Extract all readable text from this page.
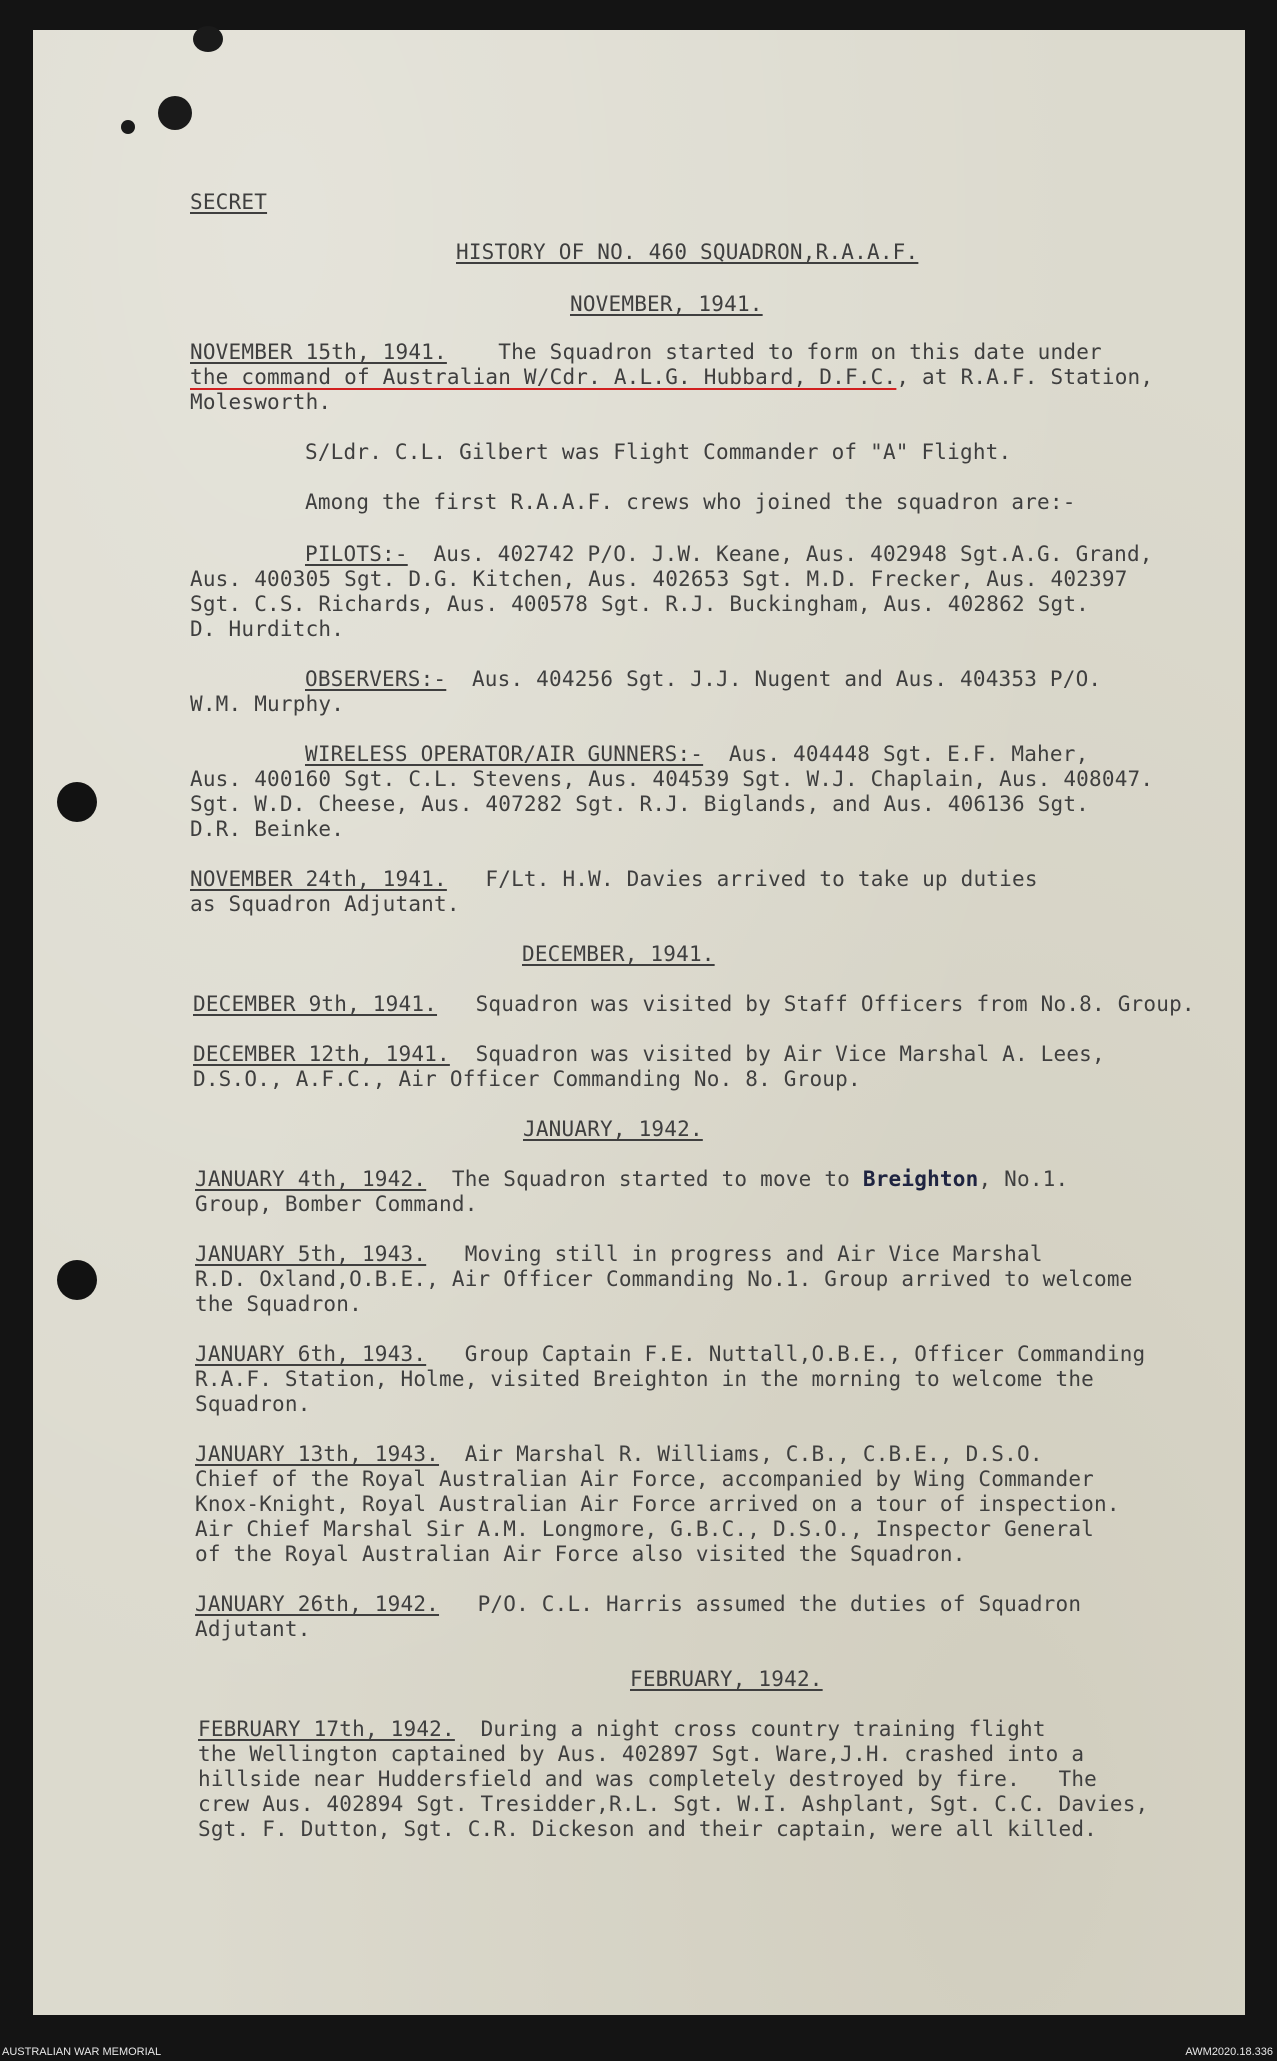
SECRET

HISTORY OF NO. 460 SQUADRON,R.A.A.F.

NOVEMBER, 1941.

NOVEMBER 15th, 1941. The Squadron started to form on this date under

the command of Australian W/Cdr. A.L.G. Hubbard, D.F.C., at R.A.F. Station,

Molesworth.

S/Ldr. C.L. Gilbert was Flight Commander of "A" Flight.

Among the first R.A.A.F. crews who joined the squadron are:-

PILOTS:- Aus. 402742 P/O. J.W. Keane, Aus. 402948 Sgt.A.G. Grand,

Aus. 400305 Sgt. D.G. Kitchen, Aus. 402653 Sgt. M.D. Frecker, Aus. 402397

Sgt. C.S. Richards, Aus. 400578 Sgt. R.J. Buckingham, Aus. 402862 Sgt.

D. Hurditch.

OBSERVERS:- Aus. 404256 Sgt. J.J. Nugent and Aus. 404353 P/O.

W.M. Murphy.

WIRELESS OPERATOR/AIR GUNNERS:- Aus. 404448 Sgt. E.F. Maher,

Aus. 400160 Sgt. C.L. Stevens, Aus. 404539 Sgt. W.J. Chaplain, Aus. 408047.

Sgt. W.D. Cheese, Aus. 407282 Sgt. R.J. Biglands, and Aus. 406136 Sgt.

D.R. Beinke.

NOVEMBER 24th, 1941. F/Lt. H.W. Davies arrived to take up duties

as Squadron Adjutant.

DECEMBER, 1941.

DECEMBER 9th, 1941. Squadron was visited by Staff Officers from No.8. Group.

DECEMBER 12th, 1941. Squadron was visited by Air Vice Marshal A. Lees,

D.S.O., A.F.C., Air Officer Commanding No. 8. Group.

JANUARY, 1942.

JANUARY 4th, 1942. The Squadron started to move to Breighton, No.1.

Group, Bomber Command.

JANUARY 5th, 1943. Moving still in progress and Air Vice Marshal

R.D. Oxland,O.B.E., Air Officer Commanding No.1. Group arrived to welcome

the Squadron.

JANUARY 6th, 1943. Group Captain F.E. Nuttall,O.B.E., Officer Commanding

R.A.F. Station, Holme, visited Breighton in the morning to welcome the

Squadron.

JANUARY 13th, 1943. Air Marshal R. Williams, C.B., C.B.E., D.S.O.

Chief of the Royal Australian Air Force, accompanied by Wing Commander

Knox-Knight, Royal Australian Air Force arrived on a tour of inspection.

Air Chief Marshal Sir A.M. Longmore, G.B.C., D.S.O., Inspector General

of the Royal Australian Air Force also visited the Squadron.

JANUARY 26th, 1942. P/O. C.L. Harris assumed the duties of Squadron

Adjutant.

FEBRUARY, 1942.

FEBRUARY 17th, 1942. During a night cross country training flight

the Wellington captained by Aus. 402897 Sgt. Ware,J.H. crashed into a

hillside near Huddersfield and was completely destroyed by fire.   The

crew Aus. 402894 Sgt. Tresidder,R.L. Sgt. W.I. Ashplant, Sgt. C.C. Davies,

Sgt. F. Dutton, Sgt. C.R. Dickeson and their captain, were all killed.

AUSTRALIAN WAR MEMORIAL	AWM2020.18.336
